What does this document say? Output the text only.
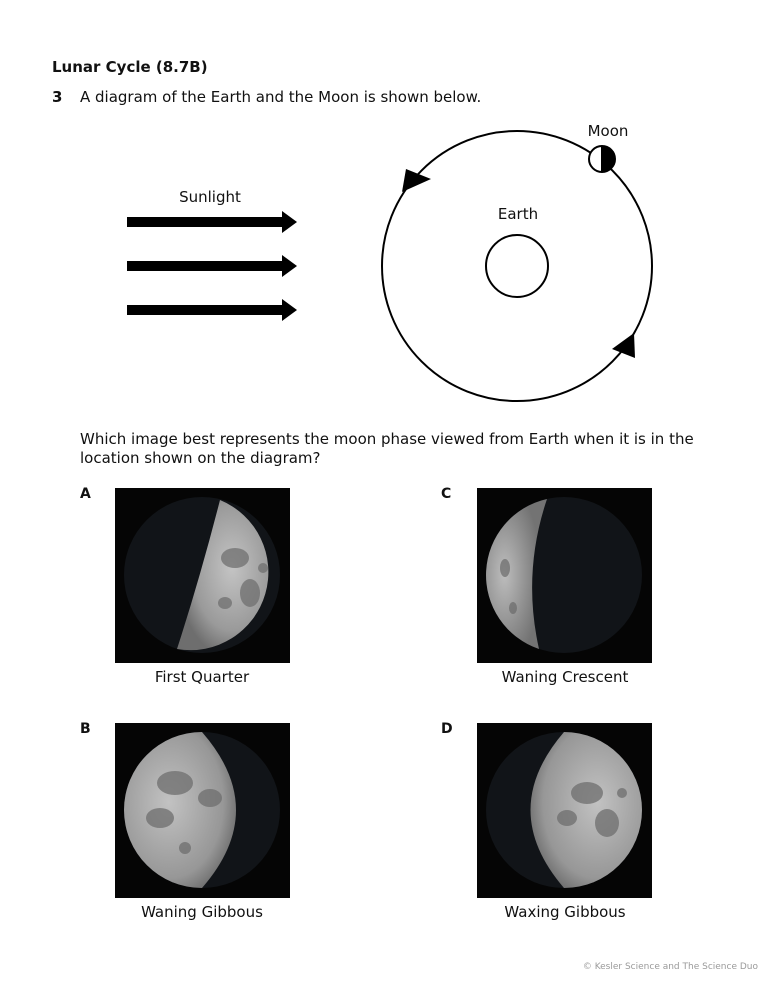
Lunar Cycle (8.7B)
3 A diagram of the Earth and the Moon is shown below.
Sunlight
Earth
Moon
Which image best represents the moon phase viewed from Earth when it is in the location shown on the diagram?
A
First Quarter
C
Waning Crescent
B
Waning Gibbous
D
Waxing Gibbous
© Kesler Science and The Science Duo
